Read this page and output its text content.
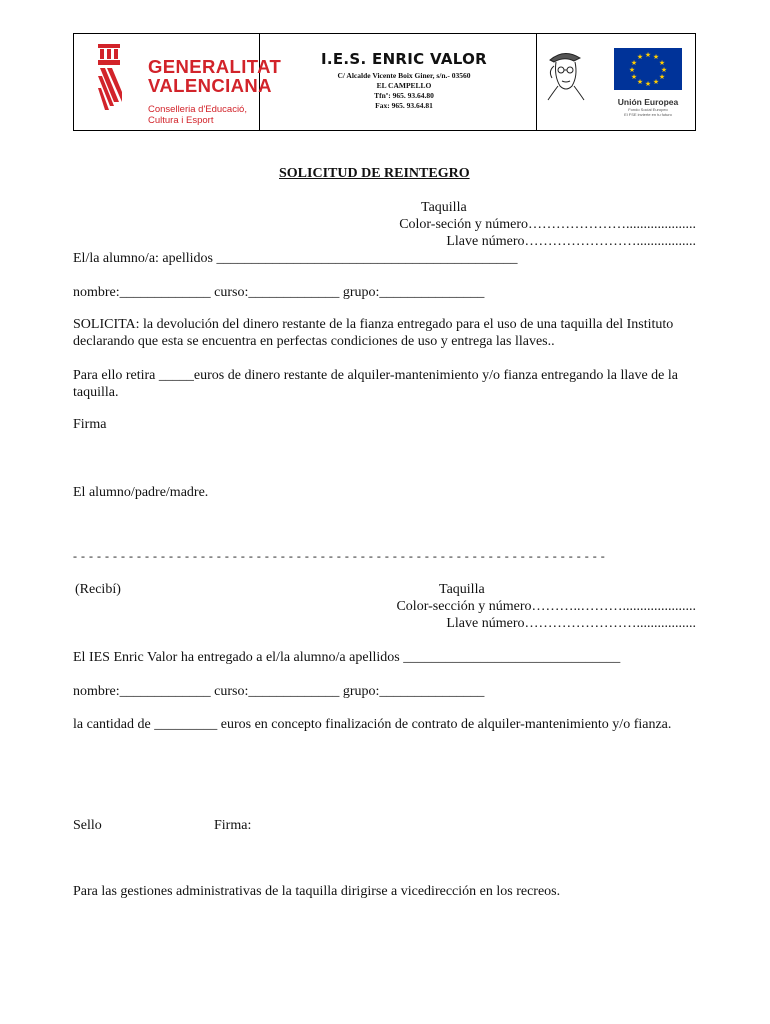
GENERALITAT
VALENCIANA
Conselleria d'Educació,
Cultura i Esport
I.E.S. ENRIC VALOR
C/ Alcalde Vicente Boix Giner, s/n.- 03560
EL CAMPELLO
Tfnº: 965. 93.64.80
Fax: 965. 93.64.81
★ ★
★
★
★
★
★
★
★
★
★
★
Unión Europea
Fondo Social Europeo
El FSE invierte en tu futuro
SOLICITUD DE REINTEGRO
Taquilla
Color-seción y número…………………....................
Llave número…………………….................
El/la alumno/a: apellidos ___________________________________________
nombre:_____________ curso:_____________ grupo:_______________
SOLICITA: la devolución del dinero restante de la fianza entregado para el uso de una taquilla del Instituto declarando que esta se encuentra en perfectas condiciones de uso y entrega las llaves..
Para ello retira _____euros de dinero restante de alquiler-mantenimiento y/o fianza entregando la llave de la taquilla.
Firma
El alumno/padre/madre.
- - - - - - - - - - - - - - - - - - - - - - - - - - - - - - - - - - - - - - - - - - - - - - - - - - - - - - - - - - - - - - - - - - -
(Recibí)	Taquilla
Color-sección y número………..……….....................
Llave número…………………….................
El IES Enric Valor ha entregado a el/la alumno/a apellidos _______________________________
nombre:_____________ curso:_____________ grupo:_______________
la cantidad de _________ euros en concepto finalización de contrato de alquiler-mantenimiento y/o fianza.
Sello	Firma:
Para las gestiones administrativas de la taquilla dirigirse a vicedirección en los recreos.
